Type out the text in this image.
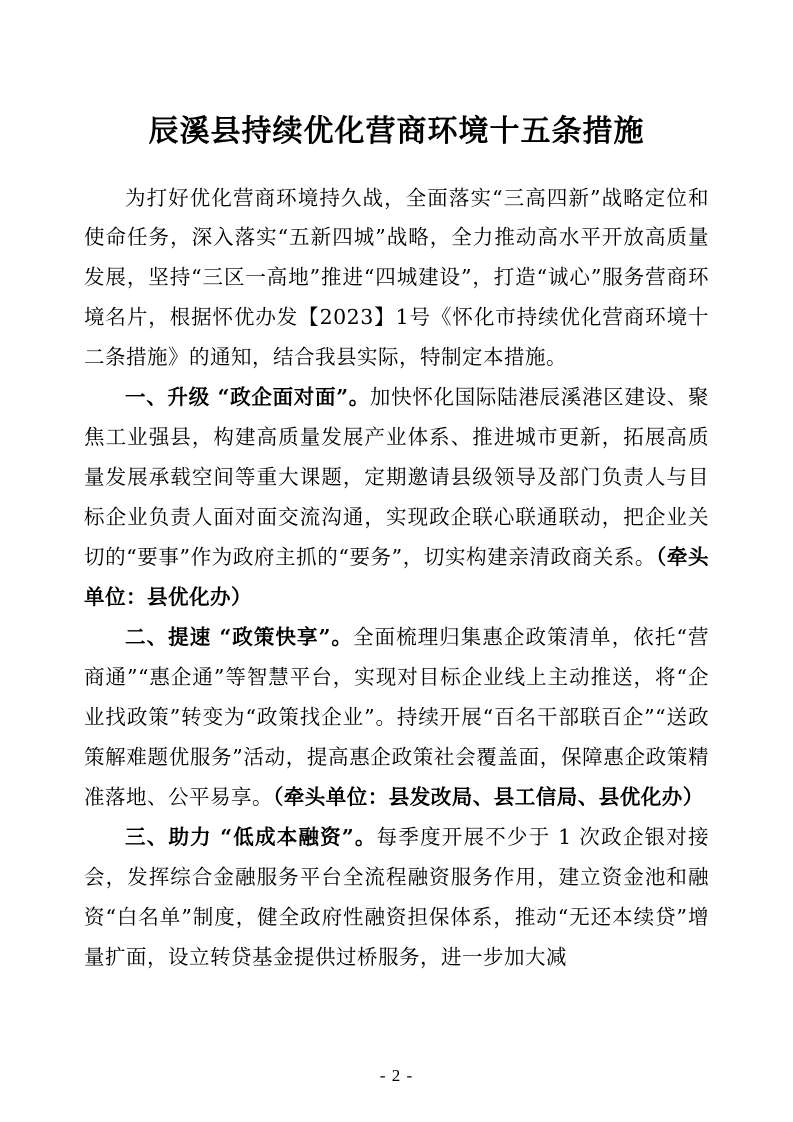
辰溪县持续优化营商环境十五条措施

为打好优化营商环境持久战，全面落实“三高四新”战略定位和使命任务，深入落实“五新四城”战略，全力推动高水平开放高质量发展，坚持“三区一高地”推进“四城建设”，打造“诚心”服务营商环境名片，根据怀优办发【2023】1号《怀化市持续优化营商环境十二条措施》的通知，结合我县实际，特制定本措施。

一、升级 “政企面对面”。加快怀化国际陆港辰溪港区建设、聚焦工业强县，构建高质量发展产业体系、推进城市更新，拓展高质量发展承载空间等重大课题，定期邀请县级领导及部门负责人与目标企业负责人面对面交流沟通，实现政企联心联通联动，把企业关切的“要事”作为政府主抓的“要务”，切实构建亲清政商关系。（牵头单位：县优化办）

二、提速 “政策快享”。全面梳理归集惠企政策清单，依托“营商通”“惠企通”等智慧平台，实现对目标企业线上主动推送，将“企业找政策”转变为“政策找企业”。持续开展“百名干部联百企”“送政策解难题优服务”活动，提高惠企政策社会覆盖面，保障惠企政策精准落地、公平易享。（牵头单位：县发改局、县工信局、县优化办）

三、助力 “低成本融资”。每季度开展不少于 1 次政企银对接会，发挥综合金融服务平台全流程融资服务作用，建立资金池和融资“白名单”制度，健全政府性融资担保体系，推动“无还本续贷”增量扩面，设立转贷基金提供过桥服务，进一步加大减

- 2 -
